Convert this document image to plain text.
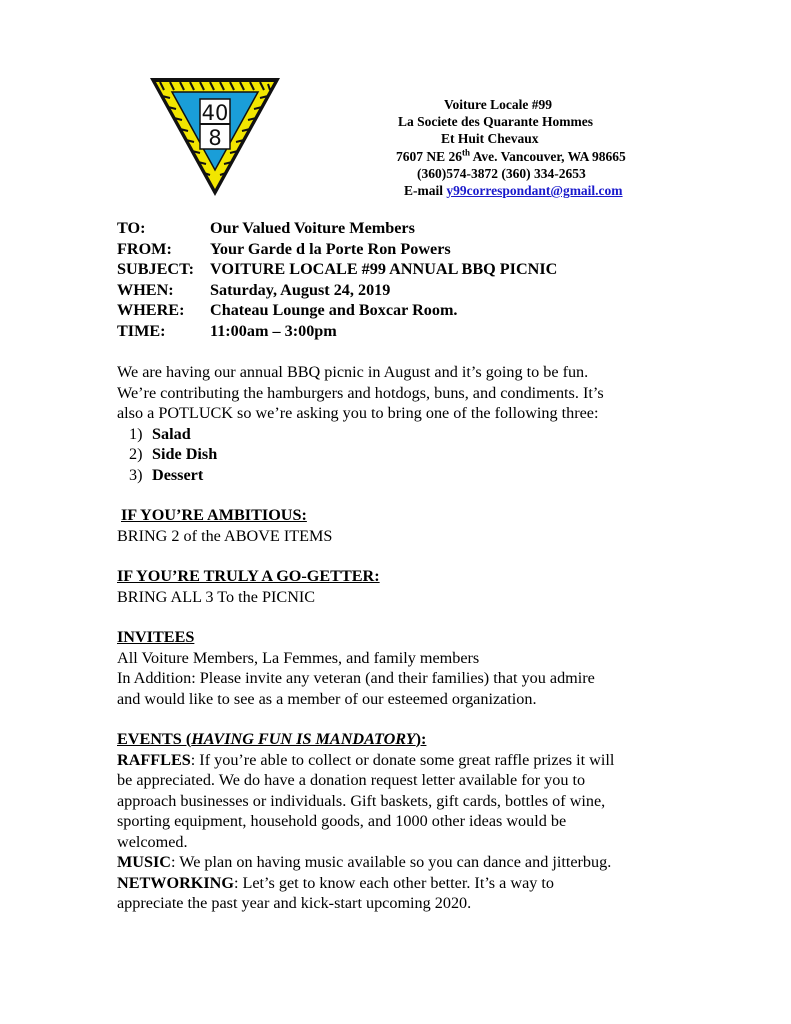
40
8
Voiture Locale #99
La Societe des Quarante Hommes
Et Huit Chevaux
7607 NE 26th Ave. Vancouver, WA 98665
(360)574-3872 (360) 334-2653
E-mail y99correspondant@gmail.com
TO:	Our Valued Voiture Members
FROM:	Your Garde d la Porte Ron Powers
SUBJECT: VOITURE LOCALE #99 ANNUAL BBQ PICNIC
WHEN:	Saturday, August 24, 2019
WHERE:	Chateau Lounge and Boxcar Room.
TIME:	11:00am – 3:00pm

We are having our annual BBQ picnic in August and it’s going to be fun.

We’re contributing the hamburgers and hotdogs, buns, and condiments. It’s

also a POTLUCK so we’re asking you to bring one of the following three:

1) Salad
2) Side Dish
3) Dessert

IF YOU’RE AMBITIOUS:

BRING 2 of the ABOVE ITEMS

IF YOU’RE TRULY A GO-GETTER:

BRING ALL 3 To the PICNIC

INVITEES

All Voiture Members, La Femmes, and family members

In Addition: Please invite any veteran (and their families) that you admire

and would like to see as a member of our esteemed organization.

EVENTS (HAVING FUN IS MANDATORY):

RAFFLES: If you’re able to collect or donate some great raffle prizes it will

be appreciated. We do have a donation request letter available for you to

approach businesses or individuals. Gift baskets, gift cards, bottles of wine,

sporting equipment, household goods, and 1000 other ideas would be

welcomed.

MUSIC: We plan on having music available so you can dance and jitterbug.

NETWORKING: Let’s get to know each other better. It’s a way to

appreciate the past year and kick-start upcoming 2020.
